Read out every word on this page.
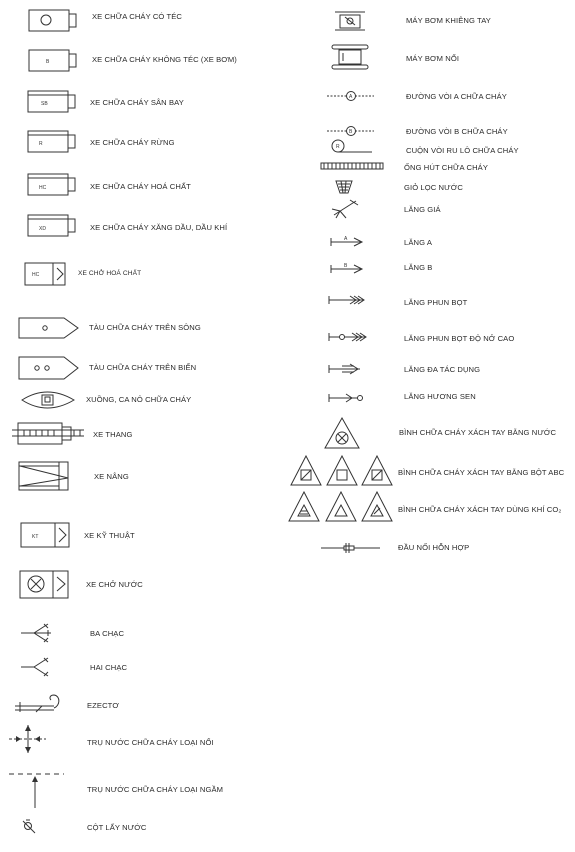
XE CHỮA CHÁY CÓ TÉC
B	XE CHỮA CHÁY KHÔNG TÉC (XE BƠM)
SB	XE CHỮA CHÁY SÂN BAY
R	XE CHỮA CHÁY RỪNG
HC	XE CHỮA CHÁY HOÁ CHẤT
XD	XE CHỮA CHÁY XĂNG DẦU, DẦU KHÍ
HC	XE CHỞ HOÁ CHẤT
TÀU CHỮA CHÁY TRÊN SÔNG
TÀU CHỮA CHÁY TRÊN BIỂN
XUỒNG, CA NÔ CHỮA CHÁY
XE THANG
XE NÂNG
KT	XE KỸ THUẬT
XE CHỞ NƯỚC
BA CHẠC
HAI CHẠC
EZECTƠ
TRỤ NƯỚC CHỮA CHÁY LOẠI NỔI
TRỤ NƯỚC CHỮA CHÁY LOẠI NGẦM
CỘT LẤY NƯỚC
MÁY BƠM KHIÊNG TAY
MÁY BƠM NỔI
A	ĐƯỜNG VÒI A CHỮA CHÁY
B	ĐƯỜNG VÒI B CHỮA CHÁY
R	CUỘN VÒI RU LÔ CHỮA CHÁY
ỐNG HÚT CHỮA CHÁY
GIỎ LỌC NƯỚC
LĂNG GIÁ
A	LĂNG A
B	LĂNG B
LĂNG PHUN BỌT
LĂNG PHUN BỌT ĐỘ NỞ CAO
LĂNG ĐA TÁC DỤNG
LĂNG HƯƠNG SEN
BÌNH CHỮA CHÁY XÁCH TAY BẰNG NƯỚC
BÌNH CHỮA CHÁY XÁCH TAY BẰNG BỘT ABC
BÌNH CHỮA CHÁY XÁCH TAY DÙNG KHÍ CO₂
ĐẦU NỐI HỖN HỢP
